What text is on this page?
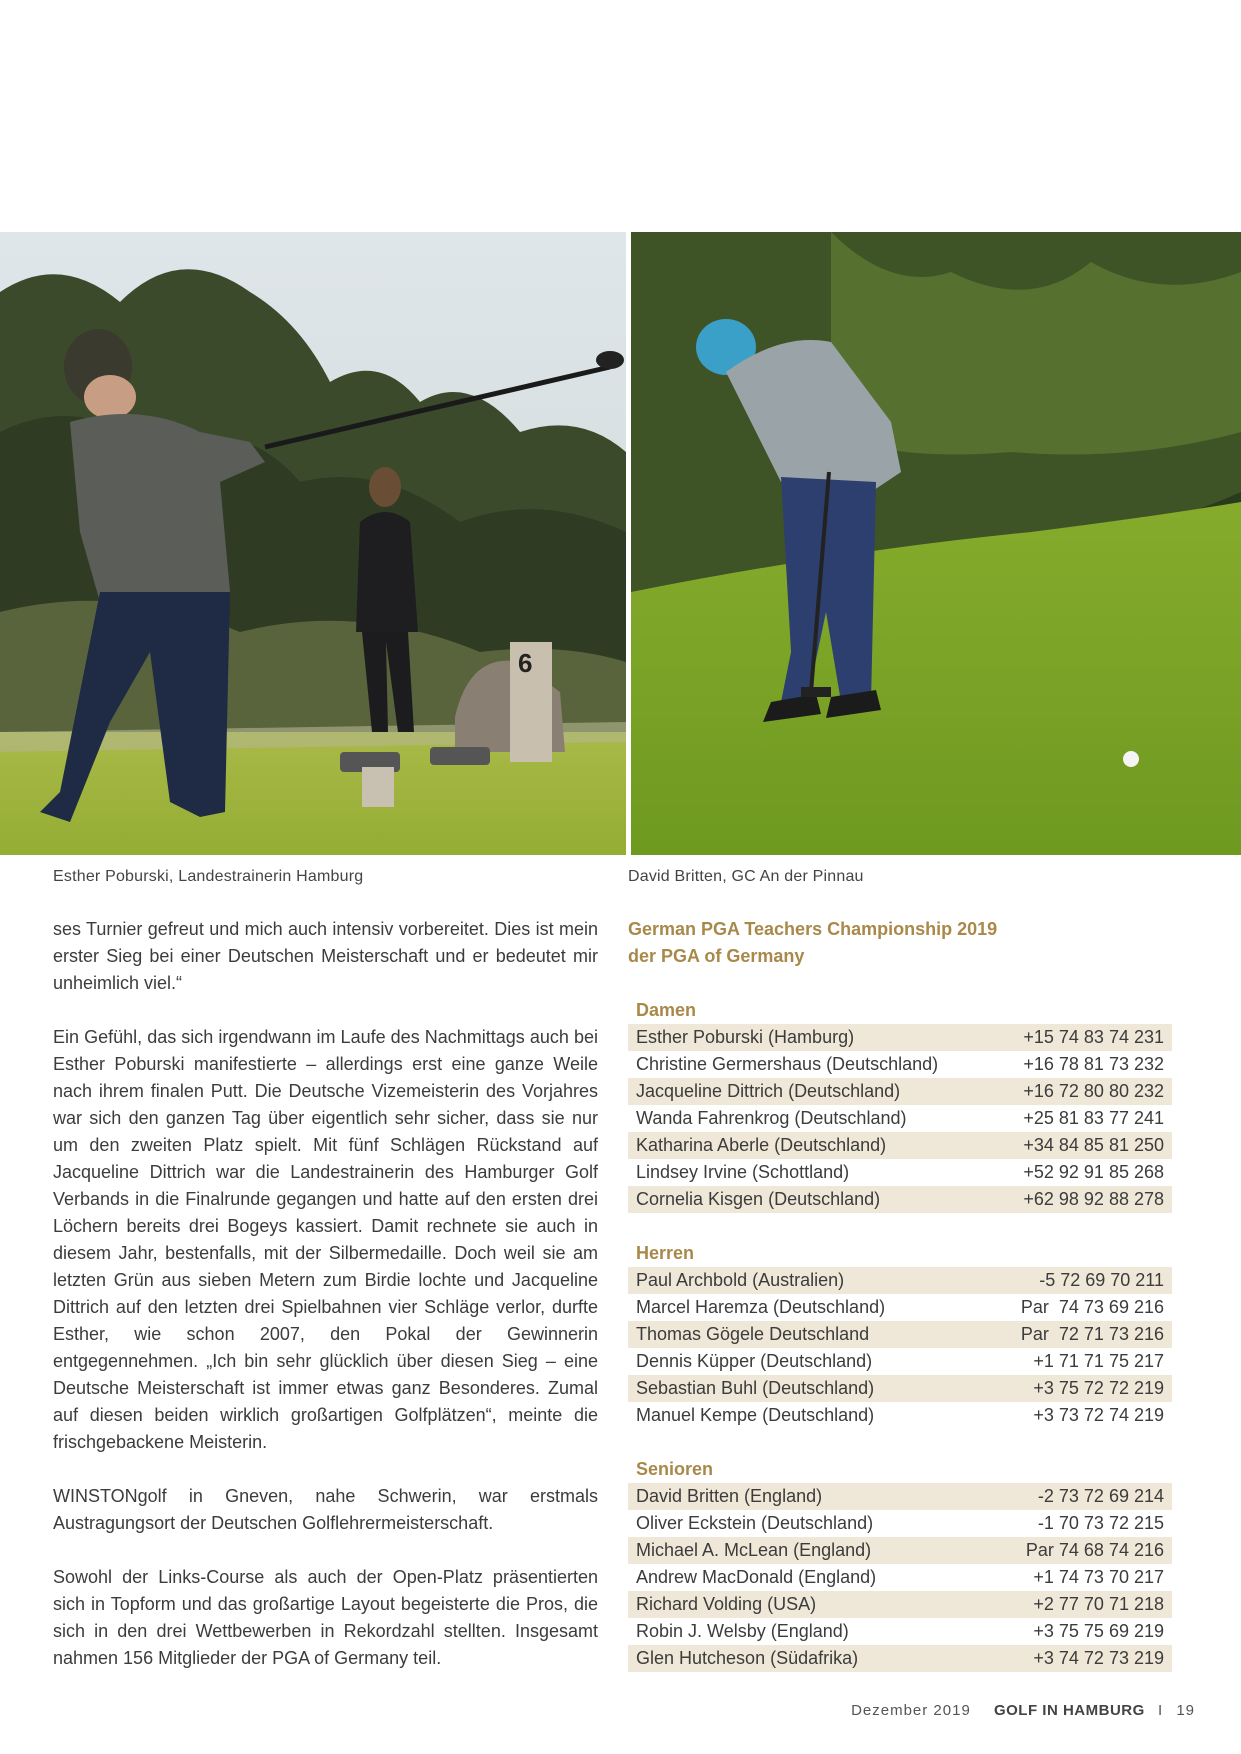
6
Esther Poburski, Landestrainerin Hamburg	David Britten, GC An der Pinnau

ses Turnier gefreut und mich auch intensiv vorbereitet. Dies ist mein erster Sieg bei einer Deutschen Meisterschaft und er bedeutet mir unheimlich viel.“

Ein Gefühl, das sich irgendwann im Laufe des Nachmittags auch bei Esther Poburski manifestierte – allerdings erst eine ganze Weile nach ihrem finalen Putt. Die Deutsche Vizemeisterin des Vorjahres war sich den ganzen Tag über eigentlich sehr sicher, dass sie nur um den zweiten Platz spielt. Mit fünf Schlägen Rückstand auf Jacqueline Dittrich war die Landestrainerin des Hamburger Golf Verbands in die Finalrunde gegangen und hatte auf den ersten drei Löchern bereits drei Bogeys kassiert. Damit rechnete sie auch in diesem Jahr, bestenfalls, mit der Silbermedaille. Doch weil sie am letzten Grün aus sieben Metern zum Birdie lochte und Jacqueline Dittrich auf den letzten drei Spielbahnen vier Schläge verlor, durfte Esther, wie schon 2007, den Pokal der Gewinnerin entgegennehmen. „Ich bin sehr glücklich über diesen Sieg – eine Deutsche Meisterschaft ist immer etwas ganz Besonderes. Zumal auf diesen beiden wirklich großartigen Golfplätzen“, meinte die frischgebackene Meisterin.

WINSTONgolf in Gneven, nahe Schwerin, war erstmals Austragungsort der Deutschen Golflehrermeisterschaft.

Sowohl der Links-Course als auch der Open-Platz präsentierten sich in Topform und das großartige Layout begeisterte die Pros, die sich in den drei Wettbewerben in Rekordzahl stellten. Insgesamt nahmen 156 Mitglieder der PGA of Germany teil.

German PGA Teachers Championship 2019
der PGA of Germany
Damen
Esther Poburski (Hamburg)	+15 74 83 74 231
Christine Germershaus (Deutschland)	+16 78 81 73 232
Jacqueline Dittrich (Deutschland)	+16 72 80 80 232
Wanda Fahrenkrog (Deutschland)	+25 81 83 77 241
Katharina Aberle (Deutschland)	+34 84 85 81 250
Lindsey Irvine (Schottland)	+52 92 91 85 268
Cornelia Kisgen (Deutschland)	+62 98 92 88 278
Herren
Paul Archbold (Australien)	-5 72 69 70 211
Marcel Haremza (Deutschland)	Par  74 73 69 216
Thomas Gögele Deutschland	Par  72 71 73 216
Dennis Küpper (Deutschland)	+1 71 71 75 217
Sebastian Buhl (Deutschland)	+3 75 72 72 219
Manuel Kempe (Deutschland)	+3 73 72 74 219
Senioren
David Britten (England)	-2 73 72 69 214
Oliver Eckstein (Deutschland)	-1 70 73 72 215
Michael A. McLean (England)	Par 74 68 74 216
Andrew MacDonald (England)	+1 74 73 70 217
Richard Volding (USA)	+2 77 70 71 218
Robin J. Welsby (England)	+3 75 75 69 219
Glen Hutcheson (Südafrika)	+3 74 72 73 219
Dezember 2019 GOLF IN HAMBURG I 19
